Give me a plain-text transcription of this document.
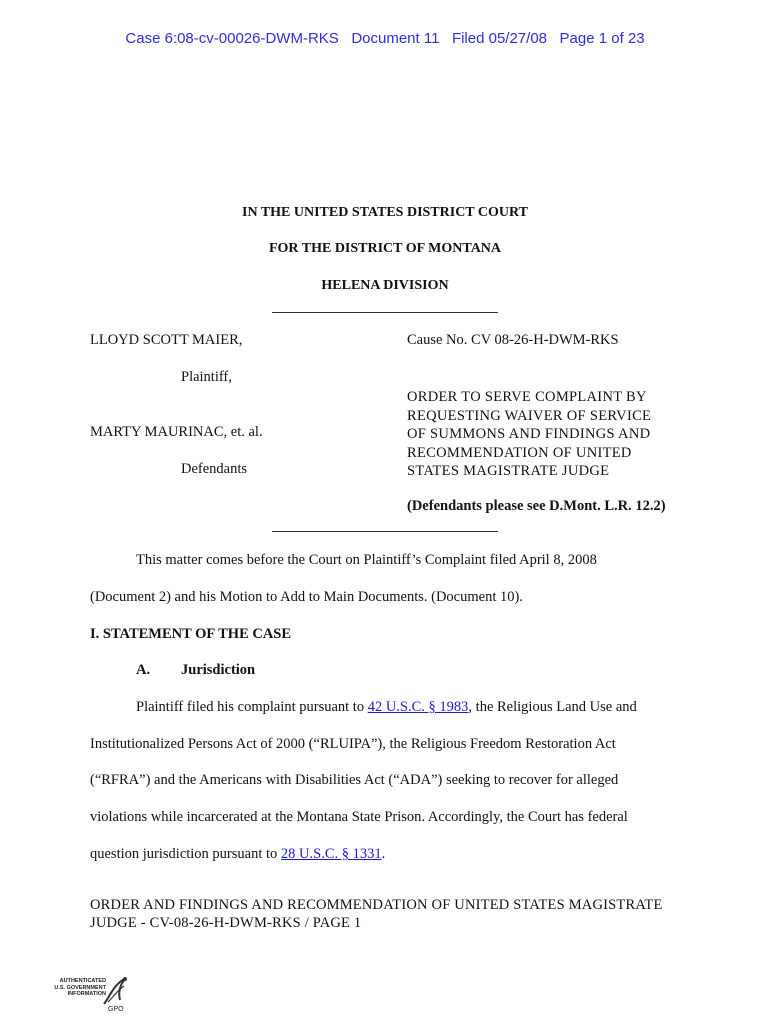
Case 6:08-cv-00026-DWM-RKS Document 11 Filed 05/27/08 Page 1 of 23
IN THE UNITED STATES DISTRICT COURT
FOR THE DISTRICT OF MONTANA
HELENA DIVISION
LLOYD SCOTT MAIER,	Cause No. CV 08-26-H-DWM-RKS
Plaintiff,
MARTY MAURINAC, et. al.
Defendants
ORDER TO SERVE COMPLAINT BY
REQUESTING WAIVER OF SERVICE
OF SUMMONS AND FINDINGS AND
RECOMMENDATION OF UNITED
STATES MAGISTRATE JUDGE
(Defendants please see D.Mont. L.R. 12.2)
This matter comes before the Court on Plaintiff’s Complaint filed April 8, 2008
(Document 2) and his Motion to Add to Main Documents. (Document 10).
I. STATEMENT OF THE CASE
A. Jurisdiction
Plaintiff filed his complaint pursuant to 42 U.S.C. § 1983, the Religious Land Use and
Institutionalized Persons Act of 2000 (“RLUIPA”), the Religious Freedom Restoration Act
(“RFRA”) and the Americans with Disabilities Act (“ADA”) seeking to recover for alleged
violations while incarcerated at the Montana State Prison. Accordingly, the Court has federal
question jurisdiction pursuant to 28 U.S.C. § 1331.
ORDER AND FINDINGS AND RECOMMENDATION OF UNITED STATES MAGISTRATE
JUDGE - CV-08-26-H-DWM-RKS / PAGE 1
AUTHENTICATED
U.S. GOVERNMENT
INFORMATION
GPO
